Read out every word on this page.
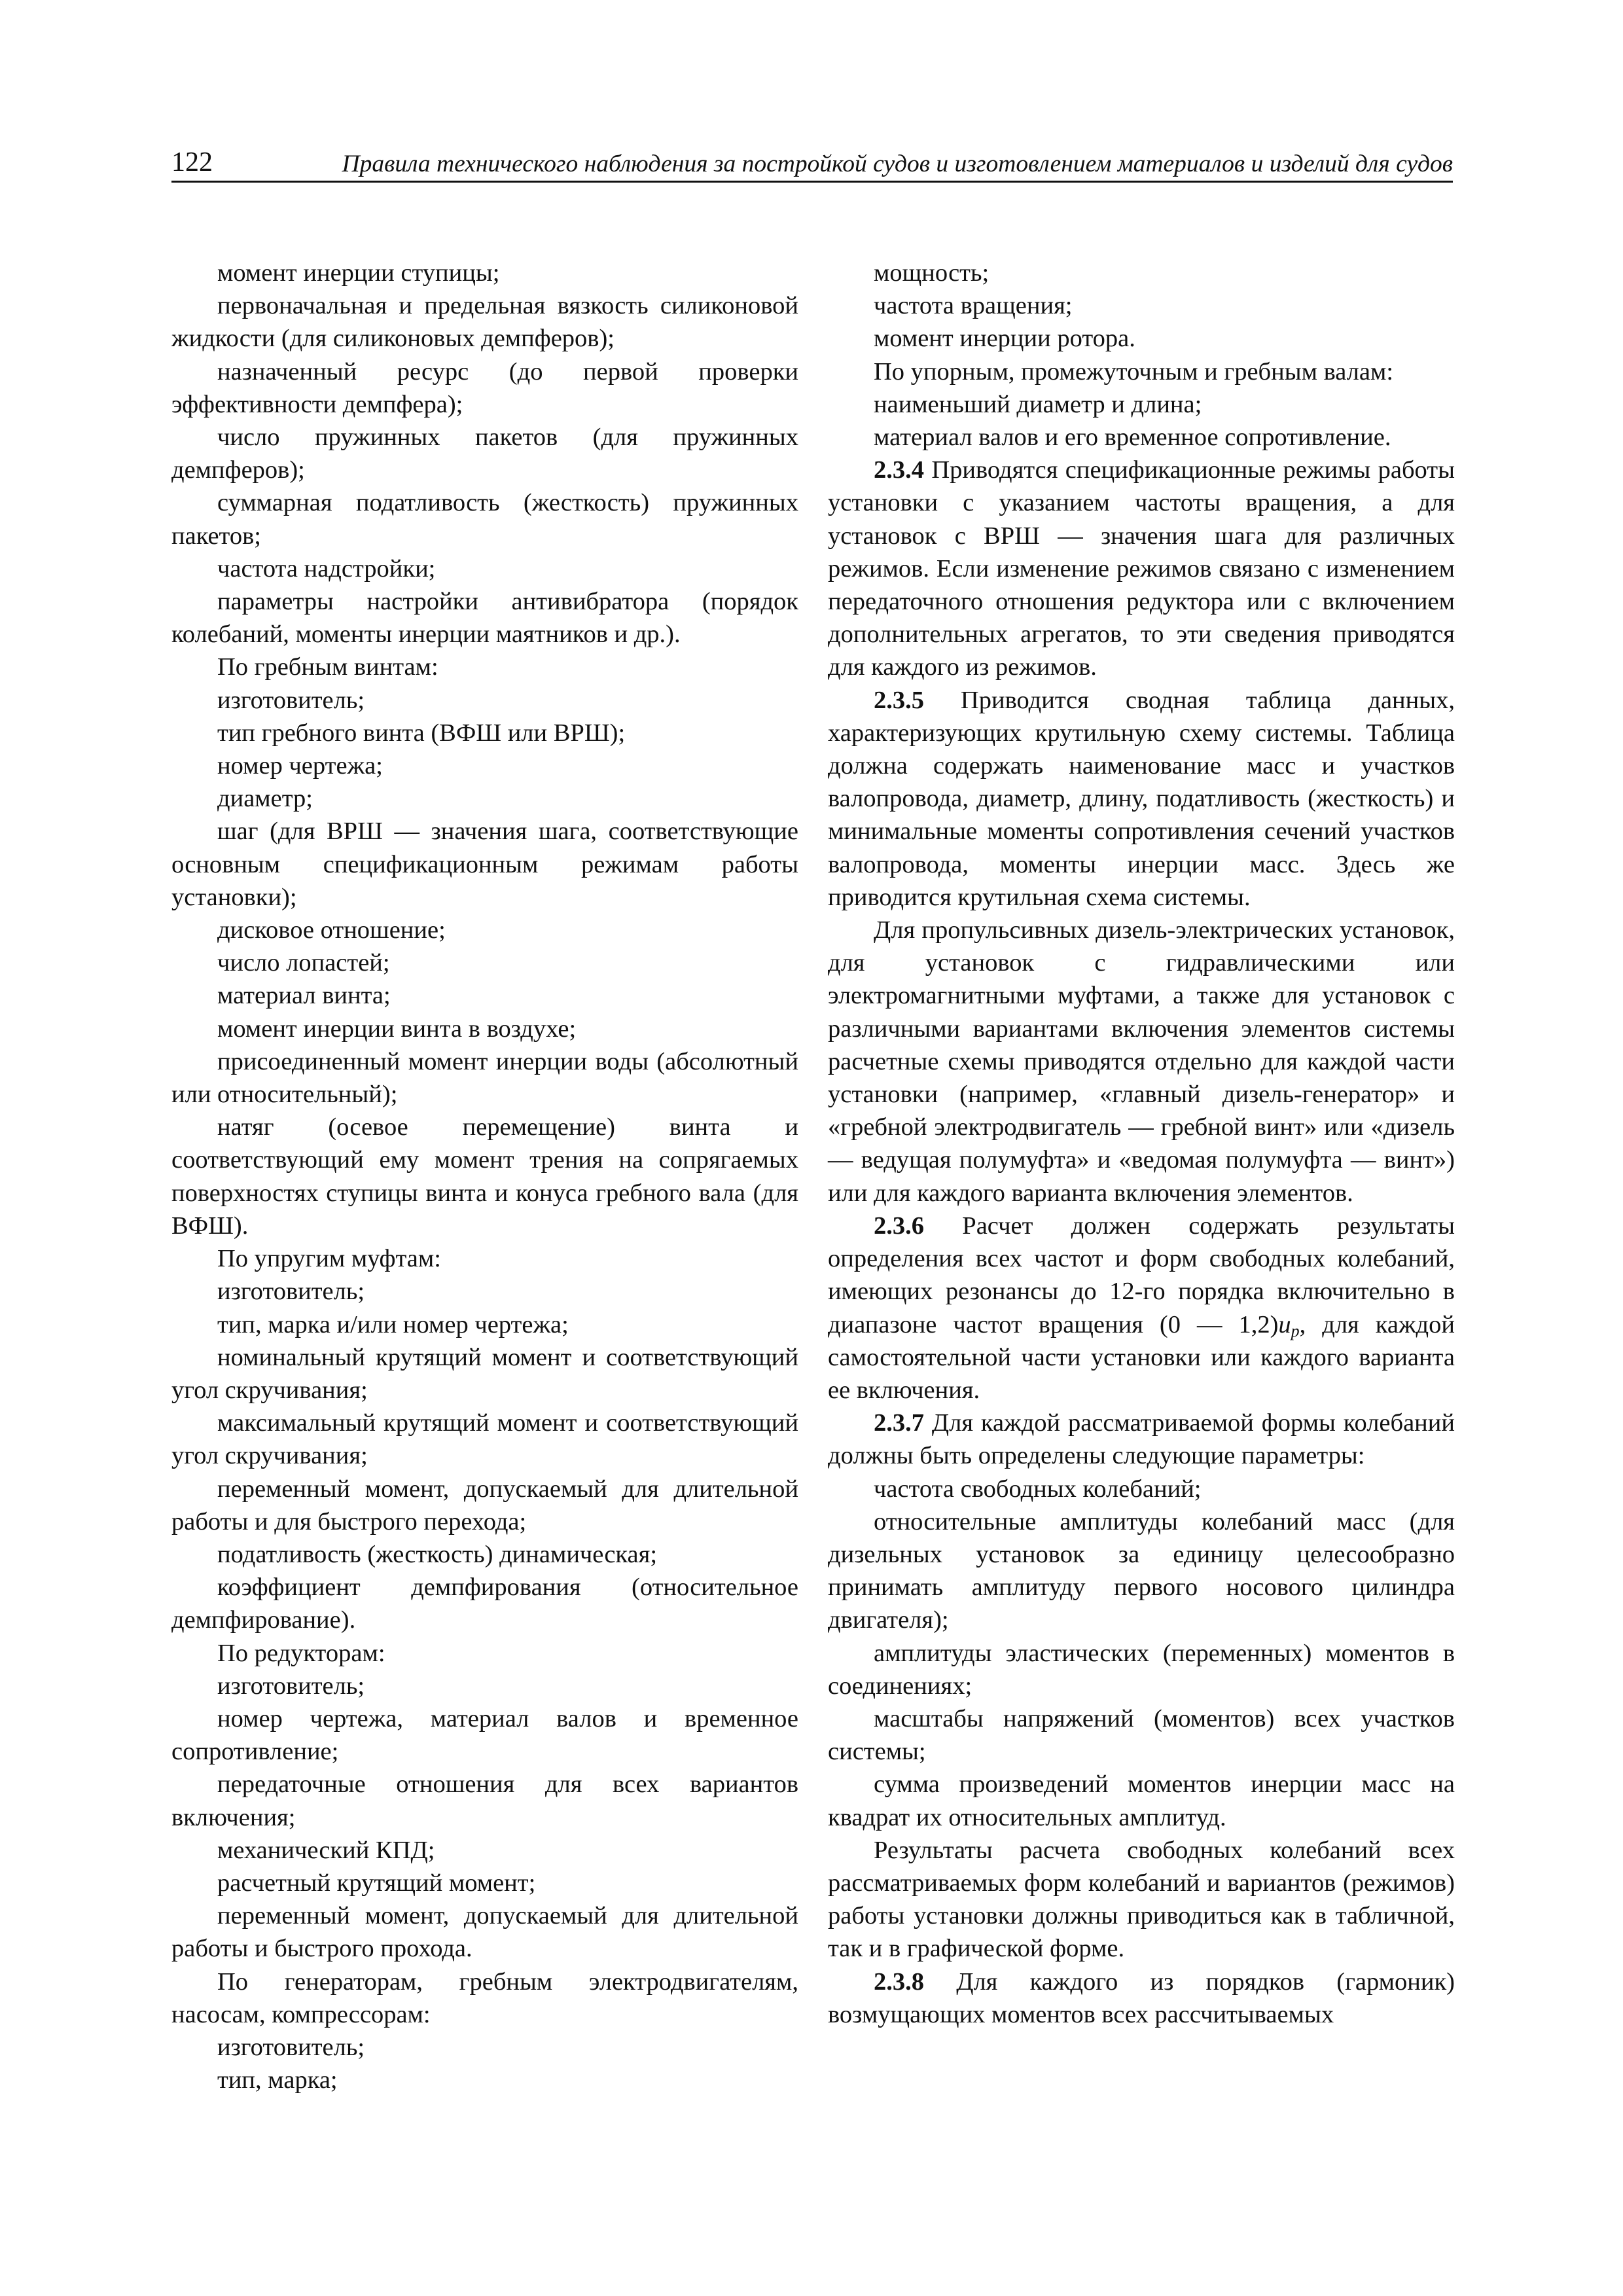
122	Правила технического наблюдения за постройкой судов и изготовлением материалов и изделий для судов

момент инерции ступицы;

первоначальная и предельная вязкость силиконовой жидкости (для силиконовых демпферов);

назначенный ресурс (до первой проверки эффективности демпфера);

число пружинных пакетов (для пружинных демпферов);

суммарная податливость (жесткость) пружинных пакетов;

частота надстройки;

параметры настройки антивибратора (порядок колебаний, моменты инерции маятников и др.).

По гребным винтам:

изготовитель;

тип гребного винта (ВФШ или ВРШ);

номер чертежа;

диаметр;

шаг (для ВРШ — значения шага, соответствующие основным спецификационным режимам работы установки);

дисковое отношение;

число лопастей;

материал винта;

момент инерции винта в воздухе;

присоединенный момент инерции воды (абсолютный или относительный);

натяг (осевое перемещение) винта и соответствующий ему момент трения на сопрягаемых поверхностях ступицы винта и конуса гребного вала (для ВФШ).

По упругим муфтам:

изготовитель;

тип, марка и/или номер чертежа;

номинальный крутящий момент и соответствующий угол скручивания;

максимальный крутящий момент и соответствующий угол скручивания;

переменный момент, допускаемый для длительной работы и для быстрого перехода;

податливость (жесткость) динамическая;

коэффициент демпфирования (относительное демпфирование).

По редукторам:

изготовитель;

номер чертежа, материал валов и временное сопротивление;

передаточные отношения для всех вариантов включения;

механический КПД;

расчетный крутящий момент;

переменный момент, допускаемый для длительной работы и быстрого прохода.

По генераторам, гребным электродвигателям, насосам, компрессорам:

изготовитель;

тип, марка;

мощность;

частота вращения;

момент инерции ротора.

По упорным, промежуточным и гребным валам:

наименьший диаметр и длина;

материал валов и его временное сопротивление.

2.3.4 Приводятся спецификационные режимы работы установки с указанием частоты вращения, а для установок с ВРШ — значения шага для различных режимов. Если изменение режимов связано с изменением передаточного отношения редуктора или с включением дополнительных агрегатов, то эти сведения приводятся для каждого из режимов.

2.3.5 Приводится сводная таблица данных, характеризующих крутильную схему системы. Таблица должна содержать наименование масс и участков валопровода, диаметр, длину, податливость (жесткость) и минимальные моменты сопротивления сечений участков валопровода, моменты инерции масс. Здесь же приводится крутильная схема системы.

Для пропульсивных дизель-электрических установок, для установок с гидравлическими или электромагнитными муфтами, а также для установок с различными вариантами включения элементов системы расчетные схемы приводятся отдельно для каждой части установки (например, «главный дизель-генератор» и «гребной электродвигатель — гребной винт» или «дизель — ведущая полумуфта» и «ведомая полумуфта — винт») или для каждого варианта включения элементов.

2.3.6 Расчет должен содержать результаты определения всех частот и форм свободных колебаний, имеющих резонансы до 12-го порядка включительно в диапазоне частот вращения (0 — $1,2)u_p$, для каждой самостоятельной части установки или каждого варианта ее включения.

2.3.7 Для каждой рассматриваемой формы колебаний должны быть определены следующие параметры:

частота свободных колебаний;

относительные амплитуды колебаний масс (для дизельных установок за единицу целесообразно принимать амплитуду первого носового цилиндра двигателя);

амплитуды эластических (переменных) моментов в соединениях;

масштабы напряжений (моментов) всех участков системы;

сумма произведений моментов инерции масс на квадрат их относительных амплитуд.

Результаты расчета свободных колебаний всех рассматриваемых форм колебаний и вариантов (режимов) работы установки должны приводиться как в табличной, так и в графической форме.

2.3.8 Для каждого из порядков (гармоник) возмущающих моментов всех рассчитываемых
